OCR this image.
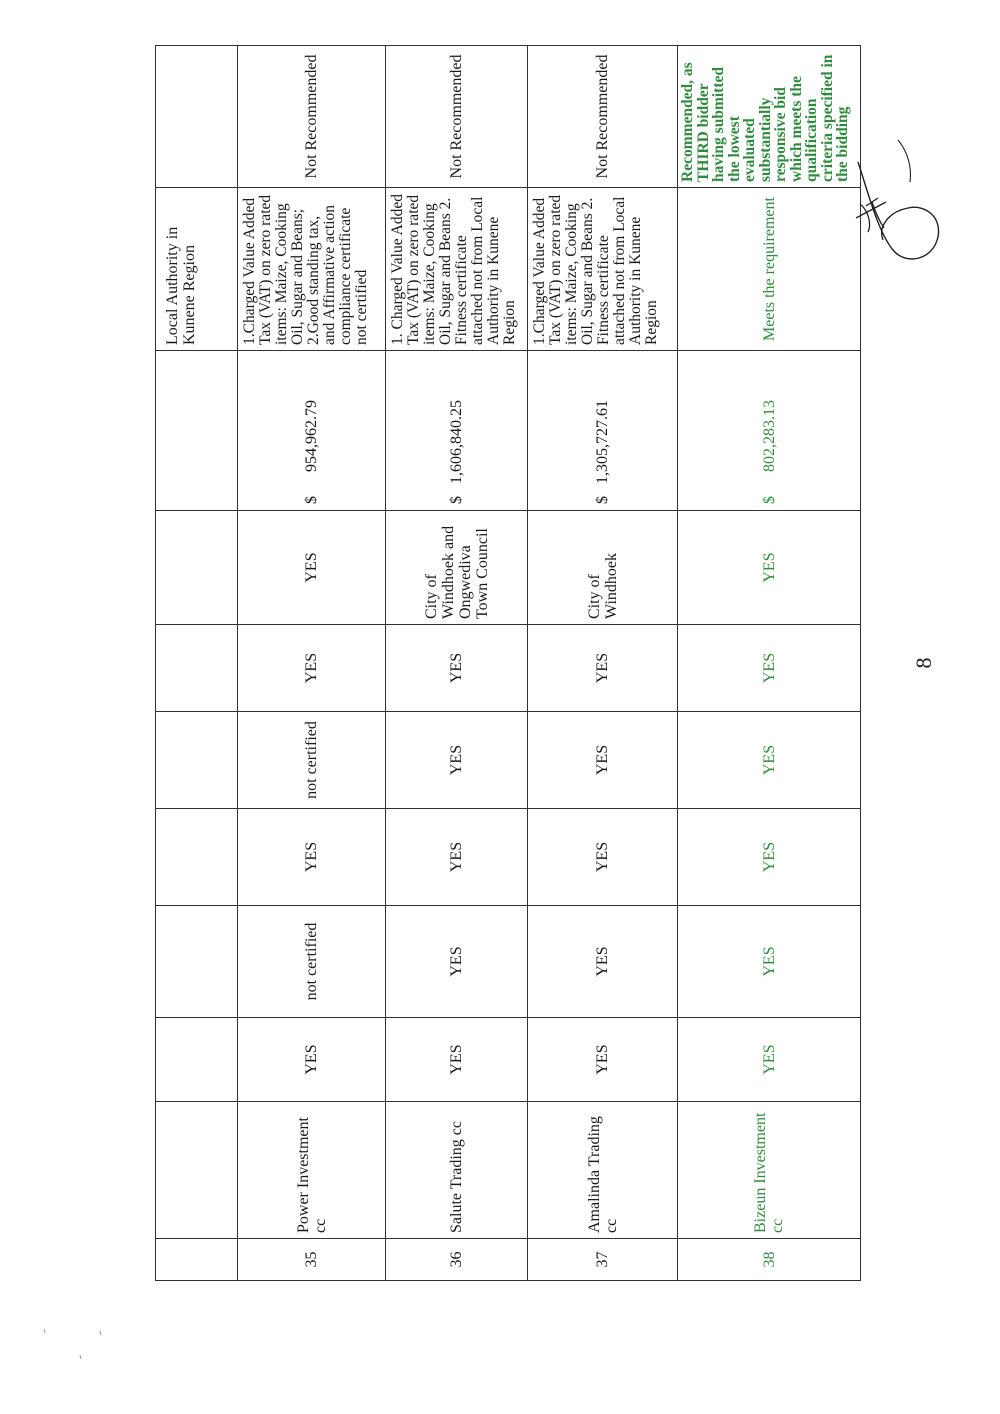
									Local Authority in Kunene Region	
35	Power Investment cc	YES	not certified	YES	not certified	YES	YES	$      954,962.79	1.Charged Value Added Tax (VAT) on zero rated items: Maize, Cooking Oil, Sugar and Beans; 2.Good standing tax, and Affirmative action compliance certificate not certified	Not Recommended
36	Salute Trading cc	YES	YES	YES	YES	YES	City of Windhoek and Ongwediva Town Council	$   1,606,840.25	1. Charged Value Added Tax (VAT) on zero rated items: Maize, Cooking Oil, Sugar and Beans 2. Fitness certificate attached not from Local Authority in Kunene Region	Not Recommended
37	Amalinda Trading cc	YES	YES	YES	YES	YES	City of Windhoek	$   1,305,727.61	1.Charged Value Added Tax (VAT) on zero rated items: Maize, Cooking Oil, Sugar and Beans 2. Fitness certificate attached not from Local Authority in Kunene Region	Not Recommended
38	Bizeun Investment cc	YES	YES	YES	YES	YES	YES	$      802,283.13	Meets the requirement	Recommended, as THIRD bidder having submitted the lowest evaluated substantially responsive bid which meets the qualification criteria specified in the bidding
8
